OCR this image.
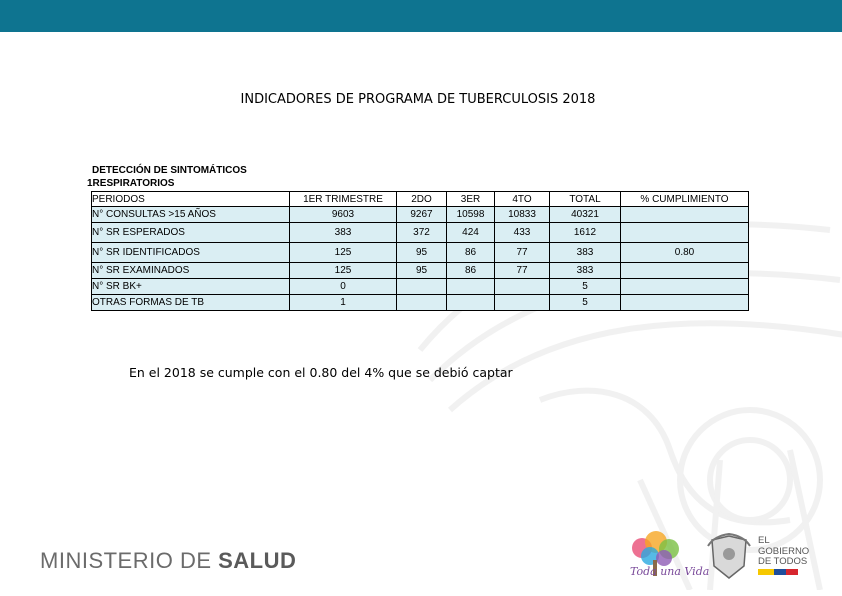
INDICADORES DE PROGRAMA DE TUBERCULOSIS 2018
DETECCIÓN DE SINTOMÁTICOS
1RESPIRATORIOS
PERIODOS	1ER TRIMESTRE	2DO	3ER	4TO	TOTAL	% CUMPLIMIENTO
N° CONSULTAS >15 AÑOS	9603	9267	10598	10833	40321	
N° SR ESPERADOS	383	372	424	433	1612	
N° SR IDENTIFICADOS	125	95	86	77	383	0.80
N° SR EXAMINADOS	125	95	86	77	383	
N° SR BK+	0				5	
OTRAS FORMAS DE TB	1				5	
En el 2018 se cumple con el 0.80 del 4% que se debió captar
MINISTERIO DE SALUD	Toda una Vida
EL
GOBIERNO
DE TODOS
